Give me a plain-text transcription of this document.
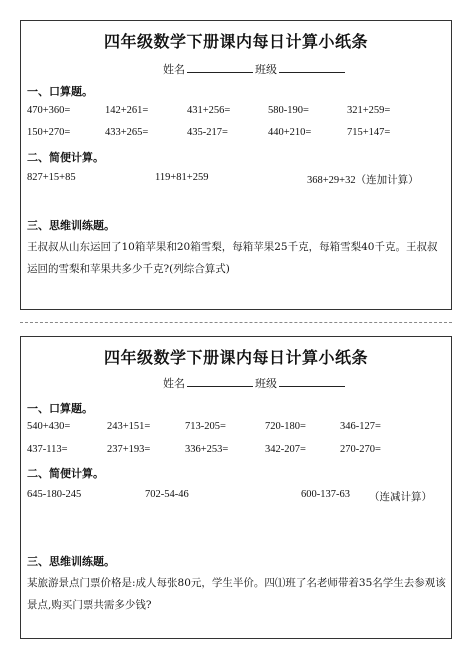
四年级数学下册课内每日计算小纸条
姓名	班级
一、口算题。
470+360=	142+261=	431+256=	580-190=	321+259=
150+270=	433+265=	435-217=	440+210=	715+147=
二、简便计算。
827+15+85	119+81+259	368+29+32（连加计算）
三、思维训练题。
王叔叔从山东运回了10箱苹果和20箱雪梨，每箱苹果25千克，每箱雪梨40千克。王叔叔运回的雪梨和苹果共多少千克?(列综合算式)
四年级数学下册课内每日计算小纸条
姓名	班级
一、口算题。
540+430=	243+151=	713-205=	720-180=	346-127=
437-113=	237+193=	336+253=	342-207=	270-270=
二、简便计算。
645-180-245	702-54-46	600-137-63 （连减计算）
三、思维训练题。
某旅游景点门票价格是:成人每张80元，学生半价。四⑴班了名老师带着35名学生去参观该景点,购买门票共需多少钱?
